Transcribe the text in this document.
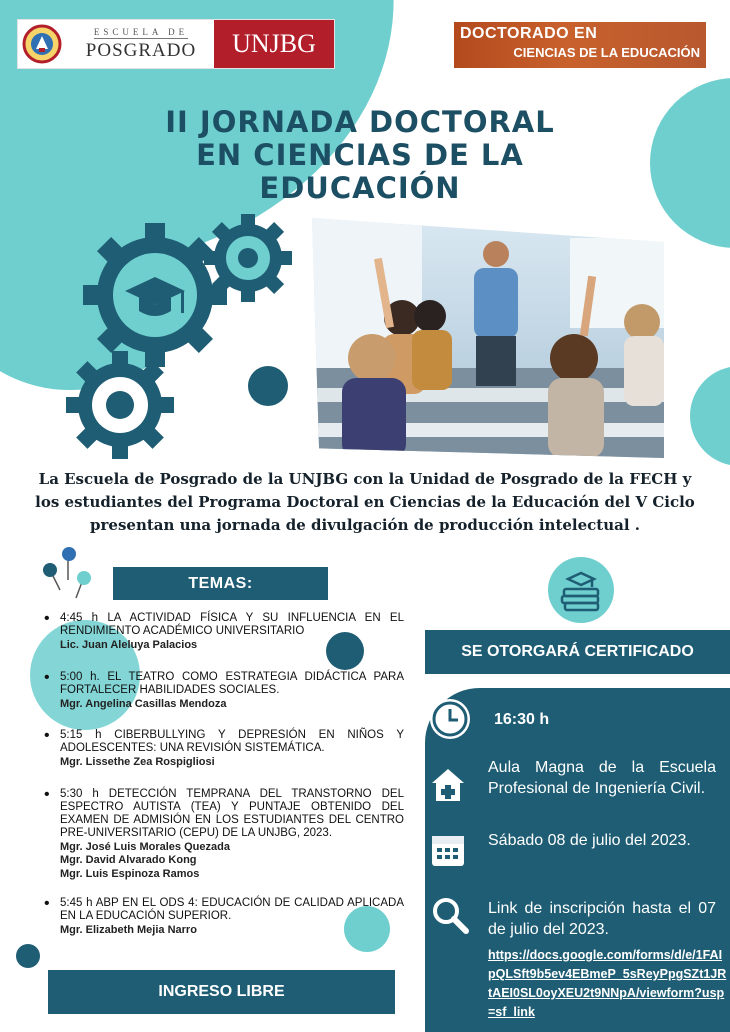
ESCUELA DE
POSGRADO	UNJBG	DOCTORADO EN
CIENCIAS DE LA EDUCACIÓN
II JORNADA DOCTORAL
EN CIENCIAS DE LA
EDUCACIÓN

La Escuela de Posgrado de la UNJBG con la Unidad de Posgrado de la FECH y los estudiantes del Programa Doctoral en Ciencias de la Educación del V Ciclo presentan una jornada de divulgación de producción intelectual .

TEMAS:
• 4:45 h LA ACTIVIDAD FÍSICA Y SU INFLUENCIA EN EL RENDIMIENTO ACADÉMICO UNIVERSITARIO
Lic. Juan Aleluya Palacios
• 5:00 h. EL TEATRO COMO ESTRATEGIA DIDÁCTICA PARA FORTALECER HABILIDADES SOCIALES.
Mgr. Angelina Casillas Mendoza
• 5:15 h CIBERBULLYING Y DEPRESIÓN EN NIÑOS Y ADOLESCENTES: UNA REVISIÓN SISTEMÁTICA.
Mgr. Lissethe Zea Rospigliosi
• 5:30 h DETECCIÓN TEMPRANA DEL TRANSTORNO DEL ESPECTRO AUTISTA (TEA) Y PUNTAJE OBTENIDO DEL EXAMEN DE ADMISIÓN EN LOS ESTUDIANTES DEL CENTRO PRE-UNIVERSITARIO (CEPU) DE LA UNJBG, 2023.
Mgr. José Luis Morales Quezada
Mgr. David Alvarado Kong
Mgr. Luis Espinoza Ramos
• 5:45 h ABP EN EL ODS 4: EDUCACIÓN DE CALIDAD APLICADA EN LA EDUCACIÓN SUPERIOR.
Mgr. Elizabeth Mejia Narro
SE OTORGARÁ CERTIFICADO
16:30 h
Aula Magna de la Escuela Profesional de Ingeniería Civil.
Sábado 08 de julio del 2023.
Link de inscripción hasta el 07 de julio del 2023.
https://docs.google.com/forms/d/e/1FAIpQLSft9b5ev4EBmeP_5sReyPpgSZt1JRtAEI0SL0oyXEU2t9NNpA/viewform?usp=sf_link
INGRESO LIBRE
